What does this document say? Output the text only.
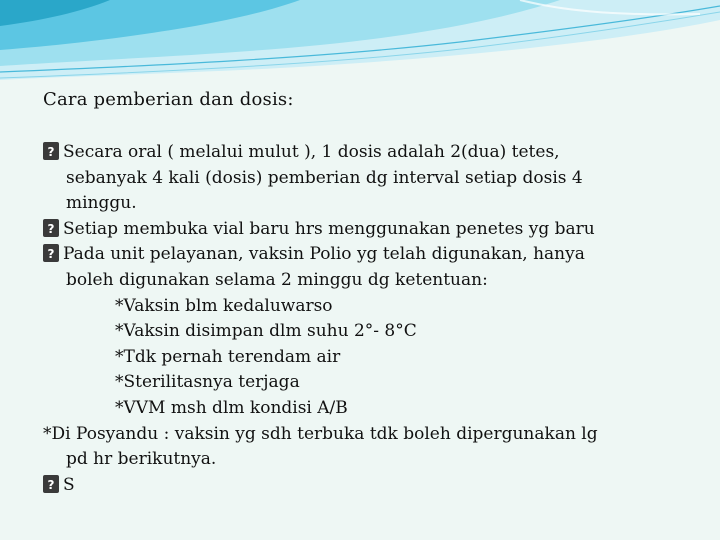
Cara pemberian dan dosis:
?Secara oral ( melalui mulut ), 1 dosis adalah 2(dua) tetes,
sebanyak 4 kali (dosis) pemberian dg interval setiap dosis 4
minggu.
?Setiap membuka vial baru hrs menggunakan penetes yg baru
?Pada unit pelayanan, vaksin Polio yg telah digunakan, hanya
boleh digunakan selama 2 minggu dg ketentuan:
*Vaksin blm kedaluwarso
*Vaksin disimpan dlm suhu 2°- 8°C
*Tdk pernah terendam air
*Sterilitasnya terjaga
*VVM msh dlm kondisi A/B
*Di Posyandu : vaksin yg sdh terbuka tdk boleh dipergunakan lg
pd hr berikutnya.
?S
